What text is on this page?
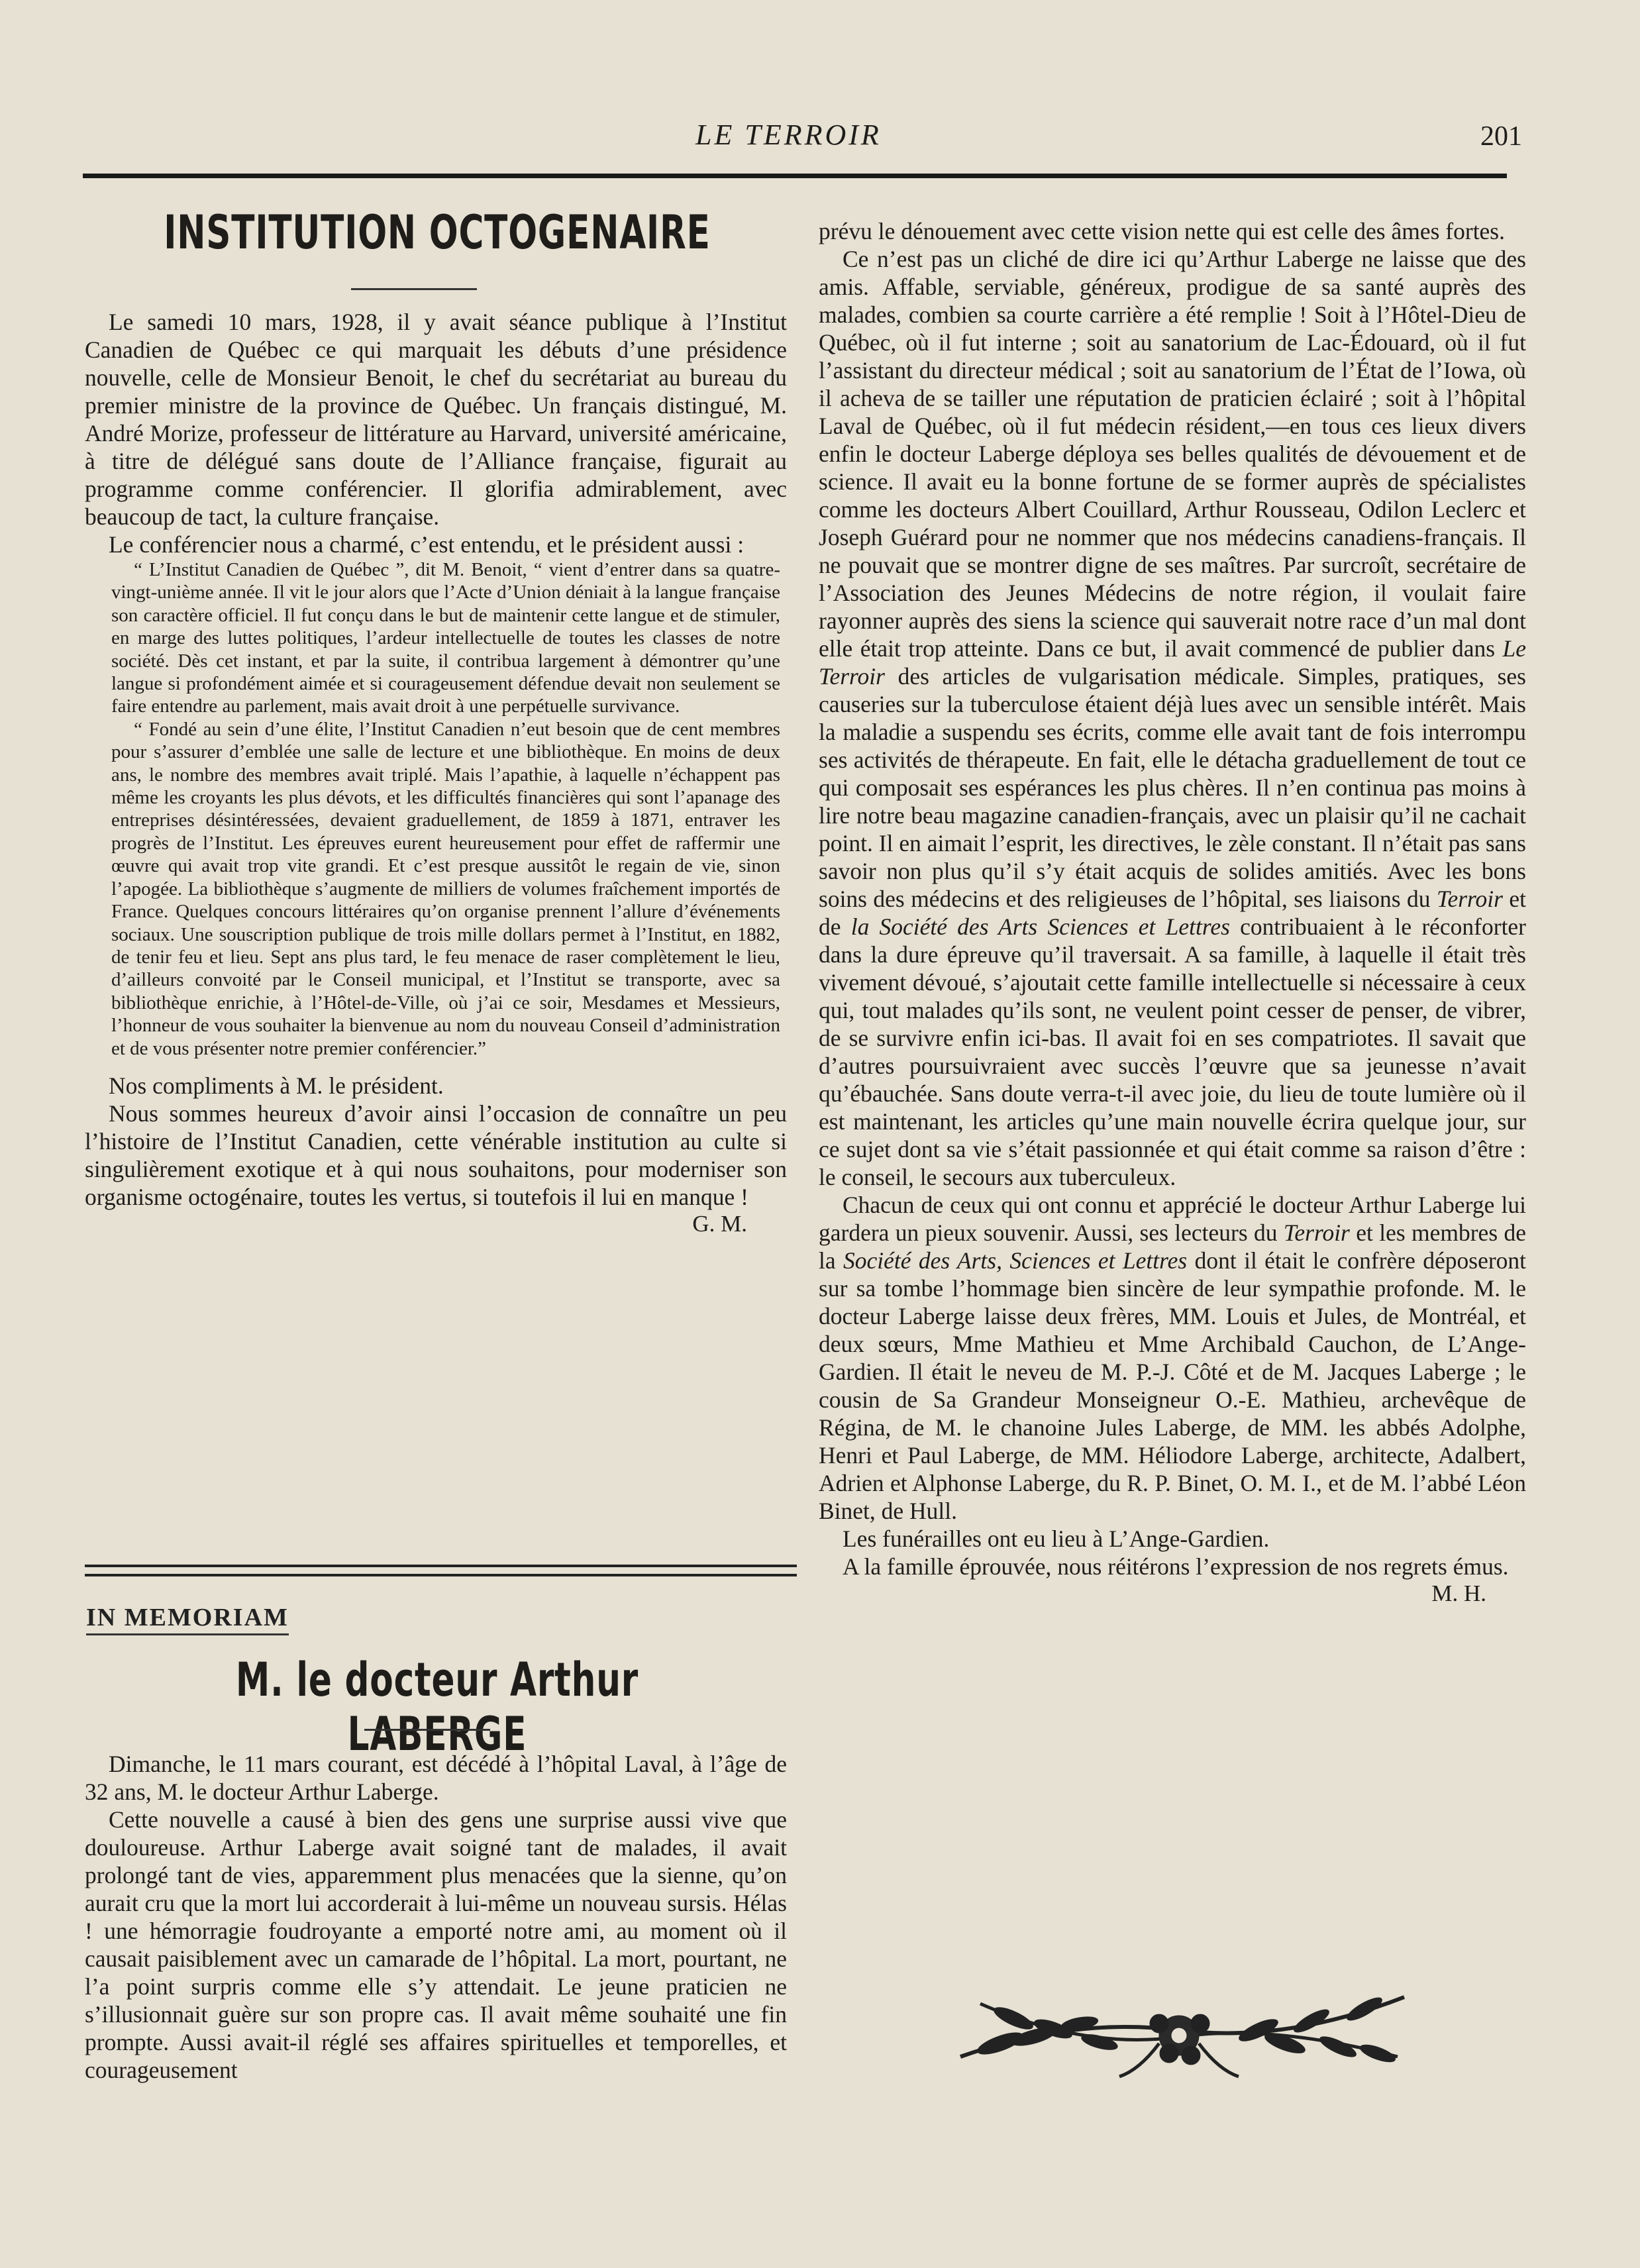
LE TERROIR	201
INSTITUTION OCTOGENAIRE

Le samedi 10 mars, 1928, il y avait séance publique à l’Institut Canadien de Québec ce qui marquait les débuts d’une présidence nouvelle, celle de Monsieur Benoit, le chef du secrétariat au bureau du premier ministre de la province de Québec. Un français distingué, M. André Morize, professeur de littérature au Harvard, université américaine, à titre de délégué sans doute de l’Alliance française, figurait au programme comme conférencier. Il glorifia admirablement, avec beaucoup de tact, la culture française.

Le conférencier nous a charmé, c’est entendu, et le président aussi :

“ L’Institut Canadien de Québec ”, dit M. Benoit, “ vient d’entrer dans sa quatre-vingt-unième année. Il vit le jour alors que l’Acte d’Union déniait à la langue française son caractère officiel. Il fut conçu dans le but de maintenir cette langue et de stimuler, en marge des luttes politiques, l’ardeur intellectuelle de toutes les classes de notre société. Dès cet instant, et par la suite, il contribua largement à démontrer qu’une langue si profondément aimée et si courageusement défendue devait non seulement se faire entendre au parlement, mais avait droit à une perpétuelle survivance.

“ Fondé au sein d’une élite, l’Institut Canadien n’eut besoin que de cent membres pour s’assurer d’emblée une salle de lecture et une bibliothèque. En moins de deux ans, le nombre des membres avait triplé. Mais l’apathie, à laquelle n’échappent pas même les croyants les plus dévots, et les difficultés financières qui sont l’apanage des entreprises désintéressées, devaient graduellement, de 1859 à 1871, entraver les progrès de l’Institut. Les épreuves eurent heureusement pour effet de raffermir une œuvre qui avait trop vite grandi. Et c’est presque aussitôt le regain de vie, sinon l’apogée. La bibliothèque s’augmente de milliers de volumes fraîchement importés de France. Quelques concours littéraires qu’on organise prennent l’allure d’événements sociaux. Une souscription publique de trois mille dollars permet à l’Institut, en 1882, de tenir feu et lieu. Sept ans plus tard, le feu menace de raser complètement le lieu, d’ailleurs convoité par le Conseil municipal, et l’Institut se transporte, avec sa bibliothèque enrichie, à l’Hôtel-de-Ville, où j’ai ce soir, Mesdames et Messieurs, l’honneur de vous souhaiter la bienvenue au nom du nouveau Conseil d’administration et de vous présenter notre premier conférencier.”

Nos compliments à M. le président.

Nous sommes heureux d’avoir ainsi l’occasion de connaître un peu l’histoire de l’Institut Canadien, cette vénérable institution au culte si singulièrement exotique et à qui nous souhaitons, pour moderniser son organisme octogénaire, toutes les vertus, si toutefois il lui en manque !

G. M.
IN MEMORIAM
M. le docteur Arthur LABERGE

Dimanche, le 11 mars courant, est décédé à l’hôpital Laval, à l’âge de 32 ans, M. le docteur Arthur Laberge.

Cette nouvelle a causé à bien des gens une surprise aussi vive que douloureuse. Arthur Laberge avait soigné tant de malades, il avait prolongé tant de vies, apparemment plus menacées que la sienne, qu’on aurait cru que la mort lui accorderait à lui-même un nouveau sursis. Hélas ! une hémorragie foudroyante a emporté notre ami, au moment où il causait paisiblement avec un camarade de l’hôpital. La mort, pourtant, ne l’a point surpris comme elle s’y attendait. Le jeune praticien ne s’illusionnait guère sur son propre cas. Il avait même souhaité une fin prompte. Aussi avait-il réglé ses affaires spirituelles et temporelles, et courageusement

prévu le dénouement avec cette vision nette qui est celle des âmes fortes.

Ce n’est pas un cliché de dire ici qu’Arthur Laberge ne laisse que des amis. Affable, serviable, généreux, prodigue de sa santé auprès des malades, combien sa courte carrière a été remplie ! Soit à l’Hôtel-Dieu de Québec, où il fut interne ; soit au sanatorium de Lac-Édouard, où il fut l’assistant du directeur médical ; soit au sanatorium de l’État de l’Iowa, où il acheva de se tailler une réputation de praticien éclairé ; soit à l’hôpital Laval de Québec, où il fut médecin résident,—en tous ces lieux divers enfin le docteur Laberge déploya ses belles qualités de dévouement et de science. Il avait eu la bonne fortune de se former auprès de spécialistes comme les docteurs Albert Couillard, Arthur Rousseau, Odilon Leclerc et Joseph Guérard pour ne nommer que nos médecins canadiens-français. Il ne pouvait que se montrer digne de ses maîtres. Par surcroît, secrétaire de l’Association des Jeunes Médecins de notre région, il voulait faire rayonner auprès des siens la science qui sauverait notre race d’un mal dont elle était trop atteinte. Dans ce but, il avait commencé de publier dans Le Terroir des articles de vulgarisation médicale. Simples, pratiques, ses causeries sur la tuberculose étaient déjà lues avec un sensible intérêt. Mais la maladie a suspendu ses écrits, comme elle avait tant de fois interrompu ses activités de thérapeute. En fait, elle le détacha graduellement de tout ce qui composait ses espérances les plus chères. Il n’en continua pas moins à lire notre beau magazine canadien-français, avec un plaisir qu’il ne cachait point. Il en aimait l’esprit, les directives, le zèle constant. Il n’était pas sans savoir non plus qu’il s’y était acquis de solides amitiés. Avec les bons soins des médecins et des religieuses de l’hôpital, ses liaisons du Terroir et de la Société des Arts Sciences et Lettres contribuaient à le réconforter dans la dure épreuve qu’il traversait. A sa famille, à laquelle il était très vivement dévoué, s’ajoutait cette famille intellectuelle si nécessaire à ceux qui, tout malades qu’ils sont, ne veulent point cesser de penser, de vibrer, de se survivre enfin ici-bas. Il avait foi en ses compatriotes. Il savait que d’autres poursuivraient avec succès l’œuvre que sa jeunesse n’avait qu’ébauchée. Sans doute verra-t-il avec joie, du lieu de toute lumière où il est maintenant, les articles qu’une main nouvelle écrira quelque jour, sur ce sujet dont sa vie s’était passionnée et qui était comme sa raison d’être : le conseil, le secours aux tuberculeux.

Chacun de ceux qui ont connu et apprécié le docteur Arthur Laberge lui gardera un pieux souvenir. Aussi, ses lecteurs du Terroir et les membres de la Société des Arts, Sciences et Lettres dont il était le confrère déposeront sur sa tombe l’hommage bien sincère de leur sympathie profonde. M. le docteur Laberge laisse deux frères, MM. Louis et Jules, de Montréal, et deux sœurs, Mme Mathieu et Mme Archibald Cauchon, de L’Ange-Gardien. Il était le neveu de M. P.-J. Côté et de M. Jacques Laberge ; le cousin de Sa Grandeur Monseigneur O.-E. Mathieu, archevêque de Régina, de M. le chanoine Jules Laberge, de MM. les abbés Adolphe, Henri et Paul Laberge, de MM. Héliodore Laberge, architecte, Adalbert, Adrien et Alphonse Laberge, du R. P. Binet, O. M. I., et de M. l’abbé Léon Binet, de Hull.

Les funérailles ont eu lieu à L’Ange-Gardien.

A la famille éprouvée, nous réitérons l’expression de nos regrets émus.

M. H.
